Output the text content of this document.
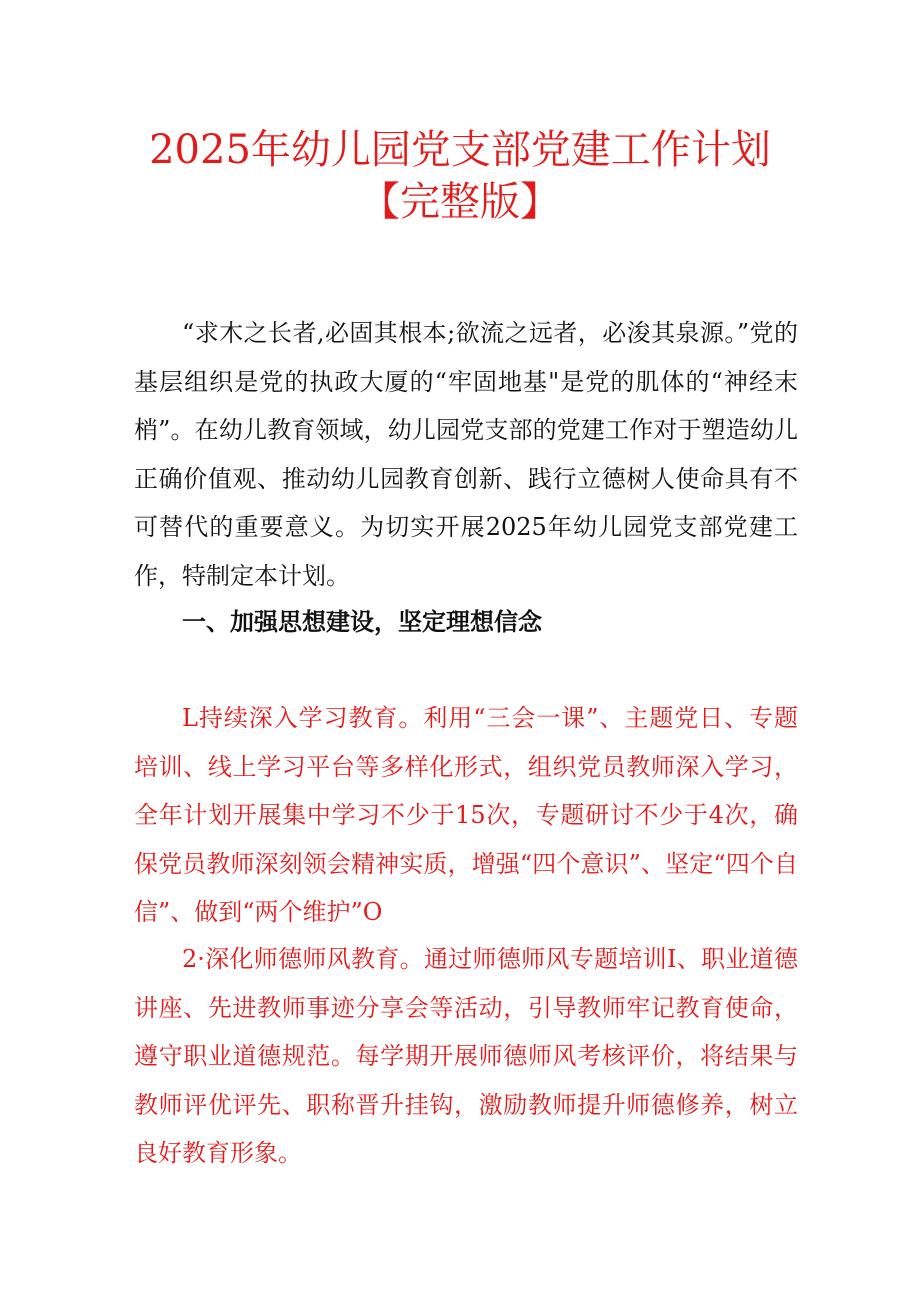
2025年幼儿园党支部党建工作计划
【完整版】

“求木之长者,必固其根本;欲流之远者，必浚其泉源。”党的基层组织是党的执政大厦的“牢固地基"是党的肌体的“神经末梢”。在幼儿教育领域，幼儿园党支部的党建工作对于塑造幼儿正确价值观、推动幼儿园教育创新、践行立德树人使命具有不可替代的重要意义。为切实开展2025年幼儿园党支部党建工作，特制定本计划。

一、加强思想建设，坚定理想信念

L持续深入学习教育。利用“三会一课”、主题党日、专题培训、线上学习平台等多样化形式，组织党员教师深入学习，全年计划开展集中学习不少于15次，专题研讨不少于4次，确保党员教师深刻领会精神实质，增强“四个意识”、坚定“四个自信”、做到“两个维护”O

2·深化师德师风教育。通过师德师风专题培训I、职业道德讲座、先进教师事迹分享会等活动，引导教师牢记教育使命，遵守职业道德规范。每学期开展师德师风考核评价，将结果与教师评优评先、职称晋升挂钩，激励教师提升师德修养，树立良好教育形象。
